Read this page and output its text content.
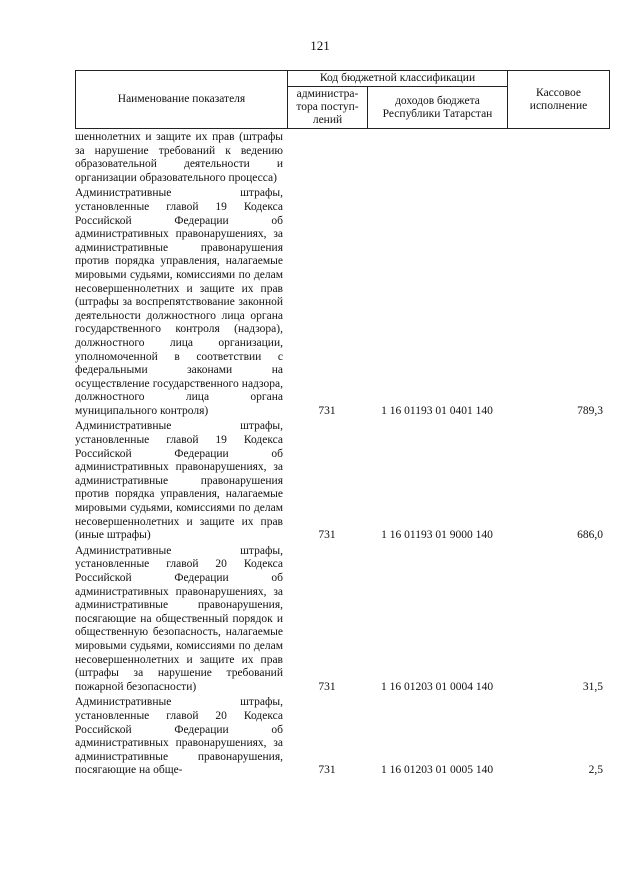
121
Наименование показателя	Код бюджетной классификации		Кассовое исполнение
	администра-тора поступ-лений	доходов бюджета Республики Татарстан	
шеннолетних и защите их прав (штрафы за нарушение требований к ведению образовательной деятельности и организации образовательного процесса)
Административные штрафы, установленные главой 19 Кодекса Российской Федерации об административных правонарушениях, за административные правонарушения против порядка управления, налагаемые мировыми судьями, комиссиями по делам несовершеннолетних и защите их прав (штрафы за воспрепятствование законной деятельности должностного лица органа государственного контроля (надзора), должностного лица организации, уполномоченной в соответствии с федеральными законами на осуществление государственного надзора, должностного лица органа муниципального контроля)	731	1 16 01193 01 0401 140	789,3
Административные штрафы, установленные главой 19 Кодекса Российской Федерации об административных правонарушениях, за административные правонарушения против порядка управления, налагаемые мировыми судьями, комиссиями по делам несовершеннолетних и защите их прав (иные штрафы)	731	1 16 01193 01 9000 140	686,0
Административные штрафы, установленные главой 20 Кодекса Российской Федерации об административных правонарушениях, за административные правонарушения, посягающие на общественный порядок и общественную безопасность, налагаемые мировыми судьями, комиссиями по делам несовершеннолетних и защите их прав (штрафы за нарушение требований пожарной безопасности)	731	1 16 01203 01 0004 140	31,5
Административные штрафы, установленные главой 20 Кодекса Российской Федерации об административных правонарушениях, за административные правонарушения, посягающие на обще-	731	1 16 01203 01 0005 140	2,5
